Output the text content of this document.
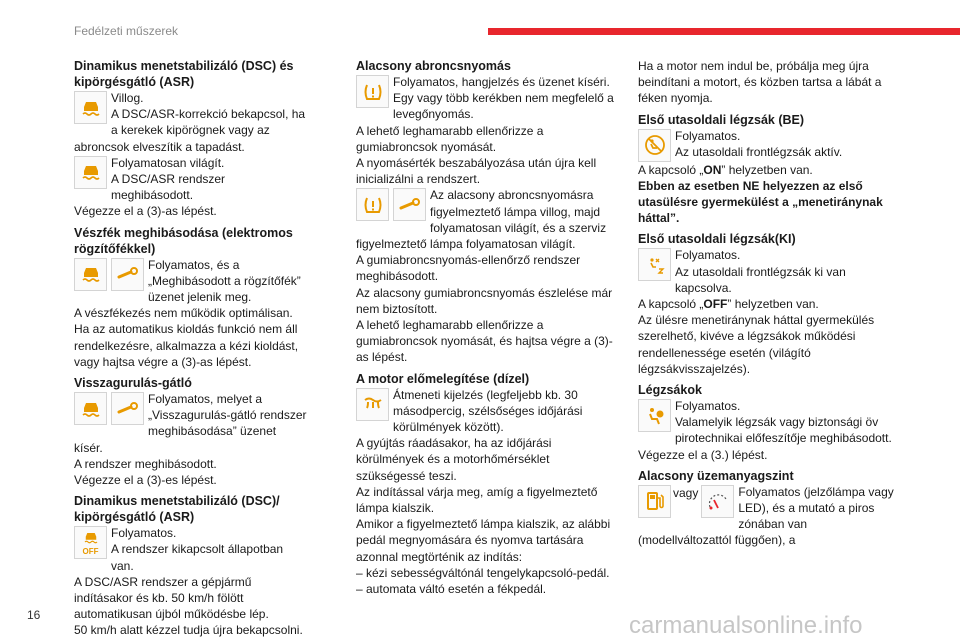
Fedélzeti műszerek
Dinamikus menetstabilizáló (DSC) és kipörgésgátló (ASR)
Villog.
A DSC/ASR-korrekció bekapcsol, ha a kerekek kipörögnek vagy az abroncsok elveszítik a tapadást.
Folyamatosan világít.
A DSC/ASR rendszer meghibásodott.
Végezze el a (3)-as lépést.
Vészfék meghibásodása (elektromos rögzítőfékkel)
Folyamatos, és a „Meghibásodott a rögzítőfék” üzenet jelenik meg.
A vészfékezés nem működik optimálisan.
Ha az automatikus kioldás funkció nem áll rendelkezésre, alkalmazza a kézi kioldást, vagy hajtsa végre a (3)-as lépést.
Visszagurulás-gátló
Folyamatos, melyet a „Visszagurulás-gátló rendszer meghibásodása” üzenet kísér.
A rendszer meghibásodott.
Végezze el a (3)-es lépést.
Dinamikus menetstabilizáló (DSC)/ kipörgésgátló (ASR)
OFF
Folyamatos.
A rendszer kikapcsolt állapotban van.
A DSC/ASR rendszer a gépjármű indításakor és kb. 50 km/h fölött automatikusan újból működésbe lép.
50 km/h alatt kézzel tudja újra bekapcsolni.
Alacsony abroncsnyomás
Folyamatos, hangjelzés és üzenet kíséri. Egy vagy több kerékben nem megfelelő a levegőnyomás.
A lehető leghamarabb ellenőrizze a gumiabroncsok nyomását.
A nyomásérték beszabályozása után újra kell inicializálni a rendszert.
Az alacsony abroncsnyomásra figyelmeztető lámpa villog, majd folyamatosan világít, és a szerviz figyelmeztető lámpa folyamatosan világít.
A gumiabroncsnyomás-ellenőrző rendszer meghibásodott.
Az alacsony gumiabroncsnyomás észlelése már nem biztosított.
A lehető leghamarabb ellenőrizze a gumiabroncsok nyomását, és hajtsa végre a (3)-as lépést.
A motor előmelegítése (dízel)
Átmeneti kijelzés (legfeljebb kb. 30 másodpercig, szélsőséges időjárási körülmények között).
A gyújtás ráadásakor, ha az időjárási körülmények és a motorhőmérséklet szükségessé teszi.
Az indítással várja meg, amíg a figyelmeztető lámpa kialszik.
Amikor a figyelmeztető lámpa kialszik, az alábbi pedál megnyomására és nyomva tartására azonnal megtörténik az indítás:
– kézi sebességváltónál tengelykapcsoló-pedál.
– automata váltó esetén a fékpedál.
Ha a motor nem indul be, próbálja meg újra beindítani a motort, és közben tartsa a lábát a féken nyomja.
Első utasoldali légzsák (BE)
Folyamatos.
Az utasoldali frontlégzsák aktív.
A kapcsoló „ON” helyzetben van.
Ebben az esetben NE helyezzen az első utasülésre gyermekülést a „menetiránynak háttal”.
Első utasoldali légzsák(KI)
Folyamatos.
Az utasoldali frontlégzsák ki van kapcsolva.
A kapcsoló „OFF” helyzetben van.
Az ülésre menetiránynak háttal gyermekülés szerelhető, kivéve a légzsákok működési rendellenessége esetén (világító légzsákvisszajelzés).
Légzsákok
Folyamatos.
Valamelyik légzsák vagy biztonsági öv pirotechnikai előfeszítője meghibásodott.
Végezze el a (3.) lépést.
Alacsony üzemanyagszint
vagy	Folyamatos (jelzőlámpa vagy LED), és a mutató a piros zónában van (modellváltozattól függően), a
16	carmanualsonline.info
